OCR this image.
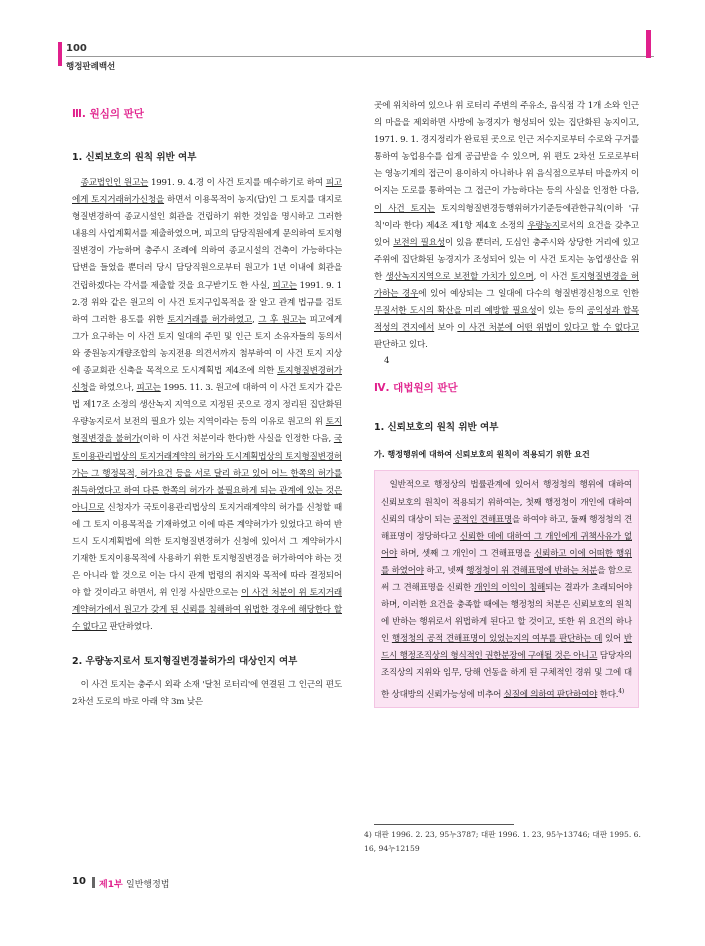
100
행정판례백선

Ⅲ. 원심의 판단

1. 신뢰보호의 원칙 위반 여부

종교법인인 원고는 1991. 9. 4.경 이 사건 토지를 매수하기로 하여 피고에게 토지거래허가신청을 하면서 이용목적이 농지(답)인 그 토지를 대지로 형질변경하여 종교시설인 회관을 건립하기 위한 것임을 명시하고 그러한 내용의 사업계획서를 제출하였으며, 피고의 담당직원에게 문의하여 토지형질변경이 가능하며 충주시 조례에 의하여 종교시설의 건축이 가능하다는 답변을 들었을 뿐더러 당시 담당직원으로부터 원고가 1년 이내에 회관을 건립하겠다는 각서를 제출할 것을 요구받기도 한 사실, 피고는 1991. 9. 12.경 위와 같은 원고의 이 사건 토지구입목적을 잘 알고 관계 법규를 검토하여 그러한 용도를 위한 토지거래를 허가하였고, 그 후 원고는 피고에게 그가 요구하는 이 사건 토지 일대의 주민 및 인근 토지 소유자들의 동의서와 중원농지개량조합의 농지전용 의견서까지 첨부하여 이 사건 토지 지상에 종교회관 신축을 목적으로 도시계획법 제4조에 의한 토지형질변경허가 신청을 하였으나, 피고는 1995. 11. 3. 원고에 대하여 이 사건 토지가 같은 법 제17조 소정의 생산녹지 지역으로 지정된 곳으로 경지 정리된 집단화된 우량농지로서 보전의 필요가 있는 지역이라는 등의 이유로 원고의 위 토지형질변경을 불허가(이하 이 사건 처분이라 한다)한 사실을 인정한 다음, 국토이용관리법상의 토지거래계약의 허가와 도시계획법상의 토지형질변경허가는 그 행정목적, 허가요건 등을 서로 달리 하고 있어 어느 한쪽의 허가를 취득하였다고 하여 다른 한쪽의 허가가 불필요하게 되는 관계에 있는 것은 아니므로 신청자가 국토이용관리법상의 토지거래계약의 허가를 신청할 때에 그 토지 이용목적을 기재하였고 이에 따른 계약허가가 있었다고 하여 반드시 도시계획법에 의한 토지형질변경허가 신청에 있어서 그 계약허가시 기재한 토지이용목적에 사용하기 위한 토지형질변경을 허가하여야 하는 것은 아니라 할 것으로 이는 다시 관계 법령의 취지와 목적에 따라 결정되어야 할 것이라고 하면서, 위 인정 사실만으로는 이 사건 처분이 위 토지거래계약허가에서 원고가 갖게 된 신뢰를 침해하여 위법한 경우에 해당한다 할 수 없다고 판단하였다.

2. 우량농지로서 토지형질변경불허가의 대상인지 여부

이 사건 토지는 충주시 외곽 소재 '달천 로터리'에 연결된 그 인근의 편도 2차선 도로의 바로 아래 약 3m 낮은

곳에 위치하여 있으나 위 로터리 주변의 주유소, 음식점 각 1개 소와 인근의 마을을 제외하면 사방에 농경지가 형성되어 있는 집단화된 농지이고, 1971. 9. 1. 경지정리가 완료된 곳으로 인근 저수지로부터 수로와 구거를 통하여 농업용수를 쉽게 공급받을 수 있으며, 위 편도 2차선 도로로부터는 영농기계의 접근이 용이하지 아니하나 위 음식점으로부터 마을까지 이어지는 도로를 통하여는 그 접근이 가능하다는 등의 사실을 인정한 다음, 이 사건 토지는 토지의형질변경등행위허가기준등에관한규칙(이하 '규칙'이라 한다) 제4조 제1항 제4호 소정의 우량농지로서의 요건을 갖추고 있어 보전의 필요성이 있음 뿐더러, 도심인 충주시와 상당한 거리에 있고 주위에 집단화된 농경지가 조성되어 있는 이 사건 토지는 농업생산을 위한 생산녹지지역으로 보전할 가치가 있으며, 이 사건 토지형질변경을 허가하는 경우에 있어 예상되는 그 일대에 다수의 형질변경신청으로 인한 무질서한 도시의 확산을 미리 예방할 필요성이 있는 등의 공익성과 합목적성의 견지에서 보아 이 사건 처분에 어떤 위법이 있다고 할 수 없다고 판단하고 있다.

4

Ⅳ. 대법원의 판단

1. 신뢰보호의 원칙 위반 여부

가. 행정행위에 대하여 신뢰보호의 원칙이 적용되기 위한 요건

일반적으로 행정상의 법률관계에 있어서 행정청의 행위에 대하여 신뢰보호의 원칙이 적용되기 위하여는, 첫째 행정청이 개인에 대하여 신뢰의 대상이 되는 공적인 견해표명을 하여야 하고, 둘째 행정청의 견해표명이 정당하다고 신뢰한 데에 대하여 그 개인에게 귀책사유가 없어야 하며, 셋째 그 개인이 그 견해표명을 신뢰하고 이에 어떠한 행위를 하였어야 하고, 넷째 행정청이 위 견해표명에 반하는 처분을 함으로써 그 견해표명을 신뢰한 개인의 이익이 침해되는 결과가 초래되어야 하며, 이러한 요건을 충족할 때에는 행정청의 처분은 신뢰보호의 원칙에 반하는 행위로서 위법하게 된다고 할 것이고, 또한 위 요건의 하나인 행정청의 공적 견해표명이 있었는지의 여부를 판단하는 데 있어 반드시 행정조직상의 형식적인 권한분장에 구애될 것은 아니고 담당자의 조직상의 지위와 임무, 당해 언동을 하게 된 구체적인 경위 및 그에 대한 상대방의 신뢰가능성에 비추어 실질에 의하여 판단하여야 한다.$^{4)}$

4) 대판 1996. 2. 23, 95누3787; 대판 1996. 1. 23, 95누13746; 대판 1995. 6. 16, 94누12159
10 제1부 일반행정법
